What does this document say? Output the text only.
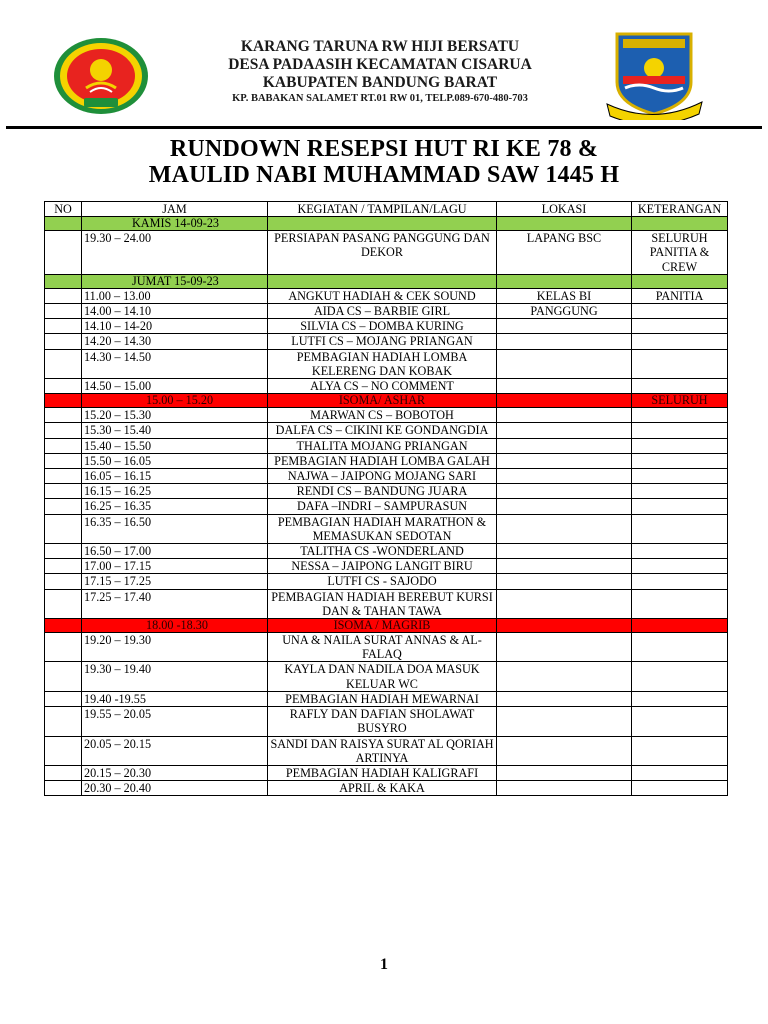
KARANG TARUNA RW HIJI BERSATU
DESA PADAASIH KECAMATAN CISARUA
KABUPATEN BANDUNG BARAT
KP. BABAKAN SALAMET RT.01 RW 01, TELP.089-670-480-703
RUNDOWN RESEPSI HUT RI KE 78 &
MAULID NABI MUHAMMAD SAW 1445 H
NO	JAM	KEGIATAN / TAMPILAN/LAGU	LOKASI	KETERANGAN
	KAMIS 14-09-23			
	19.30 – 24.00	PERSIAPAN PASANG PANGGUNG DAN DEKOR	LAPANG BSC	SELURUH PANITIA & CREW
	JUMAT 15-09-23			
	11.00 – 13.00	ANGKUT HADIAH & CEK SOUND	KELAS BI	PANITIA
	14.00 – 14.10	AIDA CS – BARBIE GIRL	PANGGUNG	
	14.10 – 14-20	SILVIA CS – DOMBA KURING		
	14.20 – 14.30	LUTFI CS – MOJANG PRIANGAN		
	14.30 – 14.50	PEMBAGIAN HADIAH LOMBA KELERENG DAN KOBAK		
	14.50 – 15.00	ALYA CS – NO COMMENT		
	15.00 – 15.20	ISOMA/ ASHAR		SELURUH
	15.20 – 15.30	MARWAN CS – BOBOTOH		
	15.30 – 15.40	DALFA CS – CIKINI KE GONDANGDIA		
	15.40 – 15.50	THALITA MOJANG PRIANGAN		
	15.50 – 16.05	PEMBAGIAN HADIAH LOMBA GALAH		
	16.05 – 16.15	NAJWA – JAIPONG MOJANG SARI		
	16.15 – 16.25	RENDI CS – BANDUNG JUARA		
	16.25 – 16.35	DAFA –INDRI – SAMPURASUN		
	16.35 – 16.50	PEMBAGIAN HADIAH MARATHON & MEMASUKAN SEDOTAN		
	16.50 – 17.00	TALITHA CS -WONDERLAND		
	17.00 – 17.15	NESSA – JAIPONG LANGIT BIRU		
	17.15 – 17.25	LUTFI CS - SAJODO		
	17.25 – 17.40	PEMBAGIAN HADIAH BEREBUT KURSI DAN & TAHAN TAWA		
	18.00 -18.30	ISOMA / MAGRIB		
	19.20 – 19.30	UNA & NAILA SURAT ANNAS & AL-FALAQ		
	19.30 – 19.40	KAYLA DAN NADILA DOA MASUK KELUAR WC		
	19.40 -19.55	PEMBAGIAN HADIAH MEWARNAI		
	19.55 – 20.05	RAFLY DAN DAFIAN SHOLAWAT BUSYRO		
	20.05 – 20.15	SANDI DAN RAISYA SURAT AL QORIAH ARTINYA		
	20.15 – 20.30	PEMBAGIAN HADIAH KALIGRAFI		
	20.30 – 20.40	APRIL & KAKA		
1
